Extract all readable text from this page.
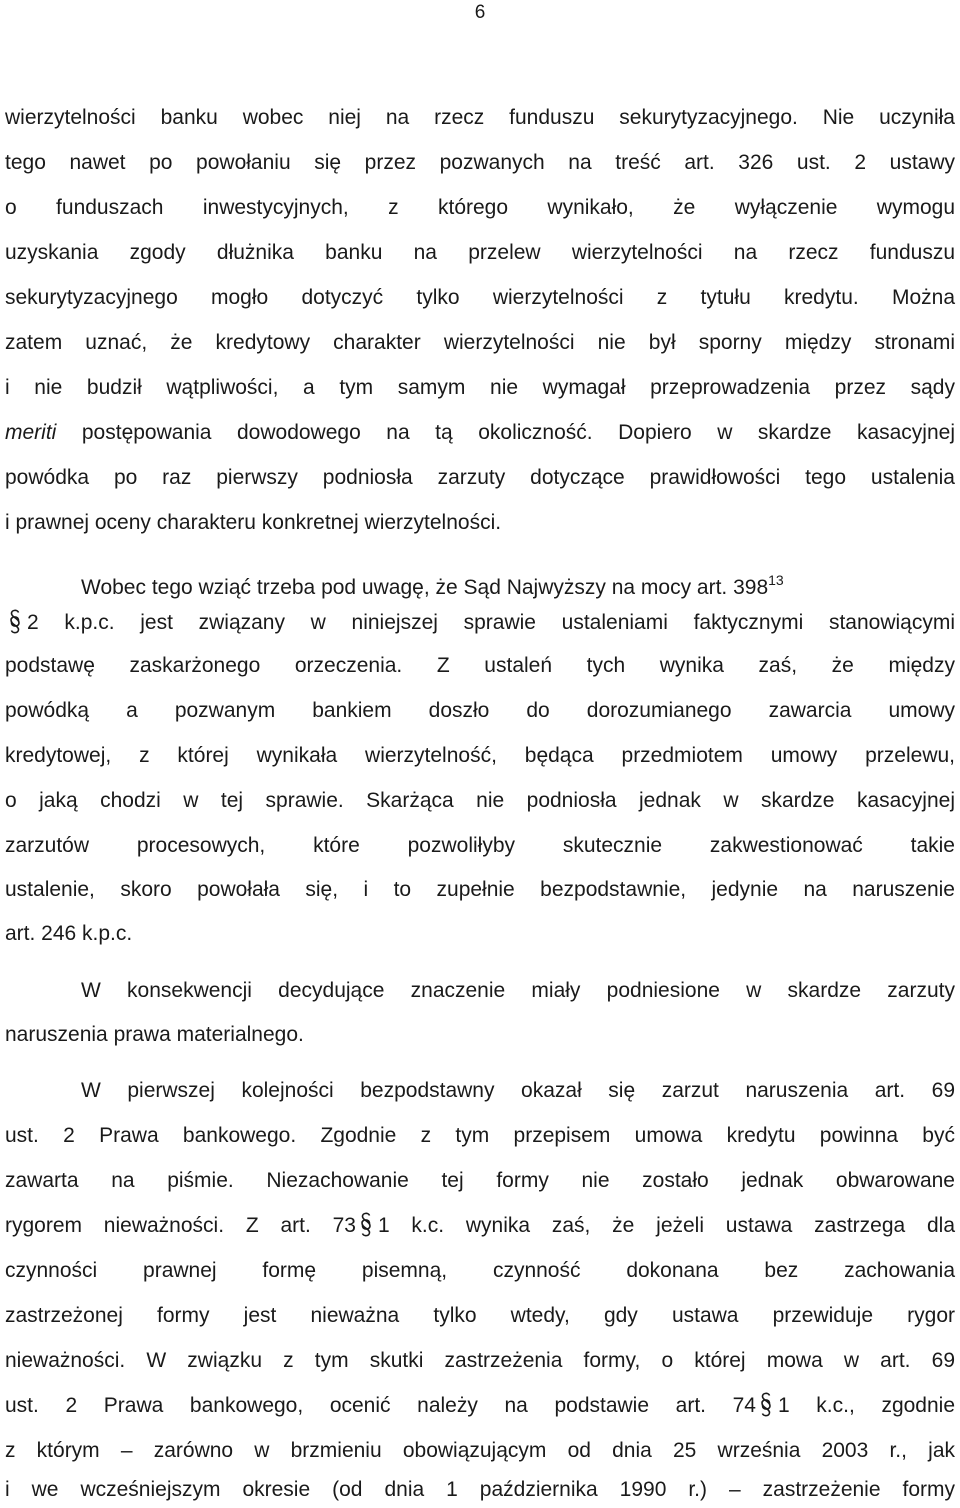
6
wierzytelności banku wobec niej na rzecz funduszu sekurytyzacyjnego. Nie uczyniła
tego nawet po powołaniu się przez pozwanych na treść art. 326 ust. 2 ustawy
o funduszach inwestycyjnych, z którego wynikało, że wyłączenie wymogu
uzyskania zgody dłużnika banku na przelew wierzytelności na rzecz funduszu
sekurytyzacyjnego mogło dotyczyć tylko wierzytelności z tytułu kredytu. Można
zatem uznać, że kredytowy charakter wierzytelności nie był sporny między stronami
i nie budził wątpliwości, a tym samym nie wymagał przeprowadzenia przez sądy
meriti postępowania dowodowego na tą okoliczność. Dopiero w skardze kasacyjnej
powódka po raz pierwszy podniosła zarzuty dotyczące prawidłowości tego ustalenia
i prawnej oceny charakteru konkretnej wierzytelności.
Wobec tego wziąć trzeba pod uwagę, że Sąd Najwyższy na mocy art. $398^{13}$
2 k.p.c. jest związany w niniejszej sprawie ustaleniami faktycznymi stanowiącymi
podstawę zaskarżonego orzeczenia. Z ustaleń tych wynika zaś, że między
powódką a pozwanym bankiem doszło do dorozumianego zawarcia umowy
kredytowej, z której wynikała wierzytelność, będąca przedmiotem umowy przelewu,
o jaką chodzi w tej sprawie. Skarżąca nie podniosła jednak w skardze kasacyjnej
zarzutów procesowych, które pozwoliłyby skutecznie zakwestionować takie
ustalenie, skoro powołała się, i to zupełnie bezpodstawnie, jedynie na naruszenie
art. 246 k.p.c.
W konsekwencji decydujące znaczenie miały podniesione w skardze zarzuty
naruszenia prawa materialnego.
W pierwszej kolejności bezpodstawny okazał się zarzut naruszenia art. 69
ust. 2 Prawa bankowego. Zgodnie z tym przepisem umowa kredytu powinna być
zawarta na piśmie. Niezachowanie tej formy nie zostało jednak obwarowane
rygorem nieważności. Z art. 73 1 k.c. wynika zaś, że jeżeli ustawa zastrzega dla
czynności prawnej formę pisemną, czynność dokonana bez zachowania
zastrzeżonej formy jest nieważna tylko wtedy, gdy ustawa przewiduje rygor
nieważności. W związku z tym skutki zastrzeżenia formy, o której mowa w art. 69
ust. 2 Prawa bankowego, ocenić należy na podstawie art. 74 1 k.c., zgodnie
z którym – zarówno w brzmieniu obowiązującym od dnia 25 września 2003 r., jak
i we wcześniejszym okresie (od dnia 1 października 1990 r.) – zastrzeżenie formy
